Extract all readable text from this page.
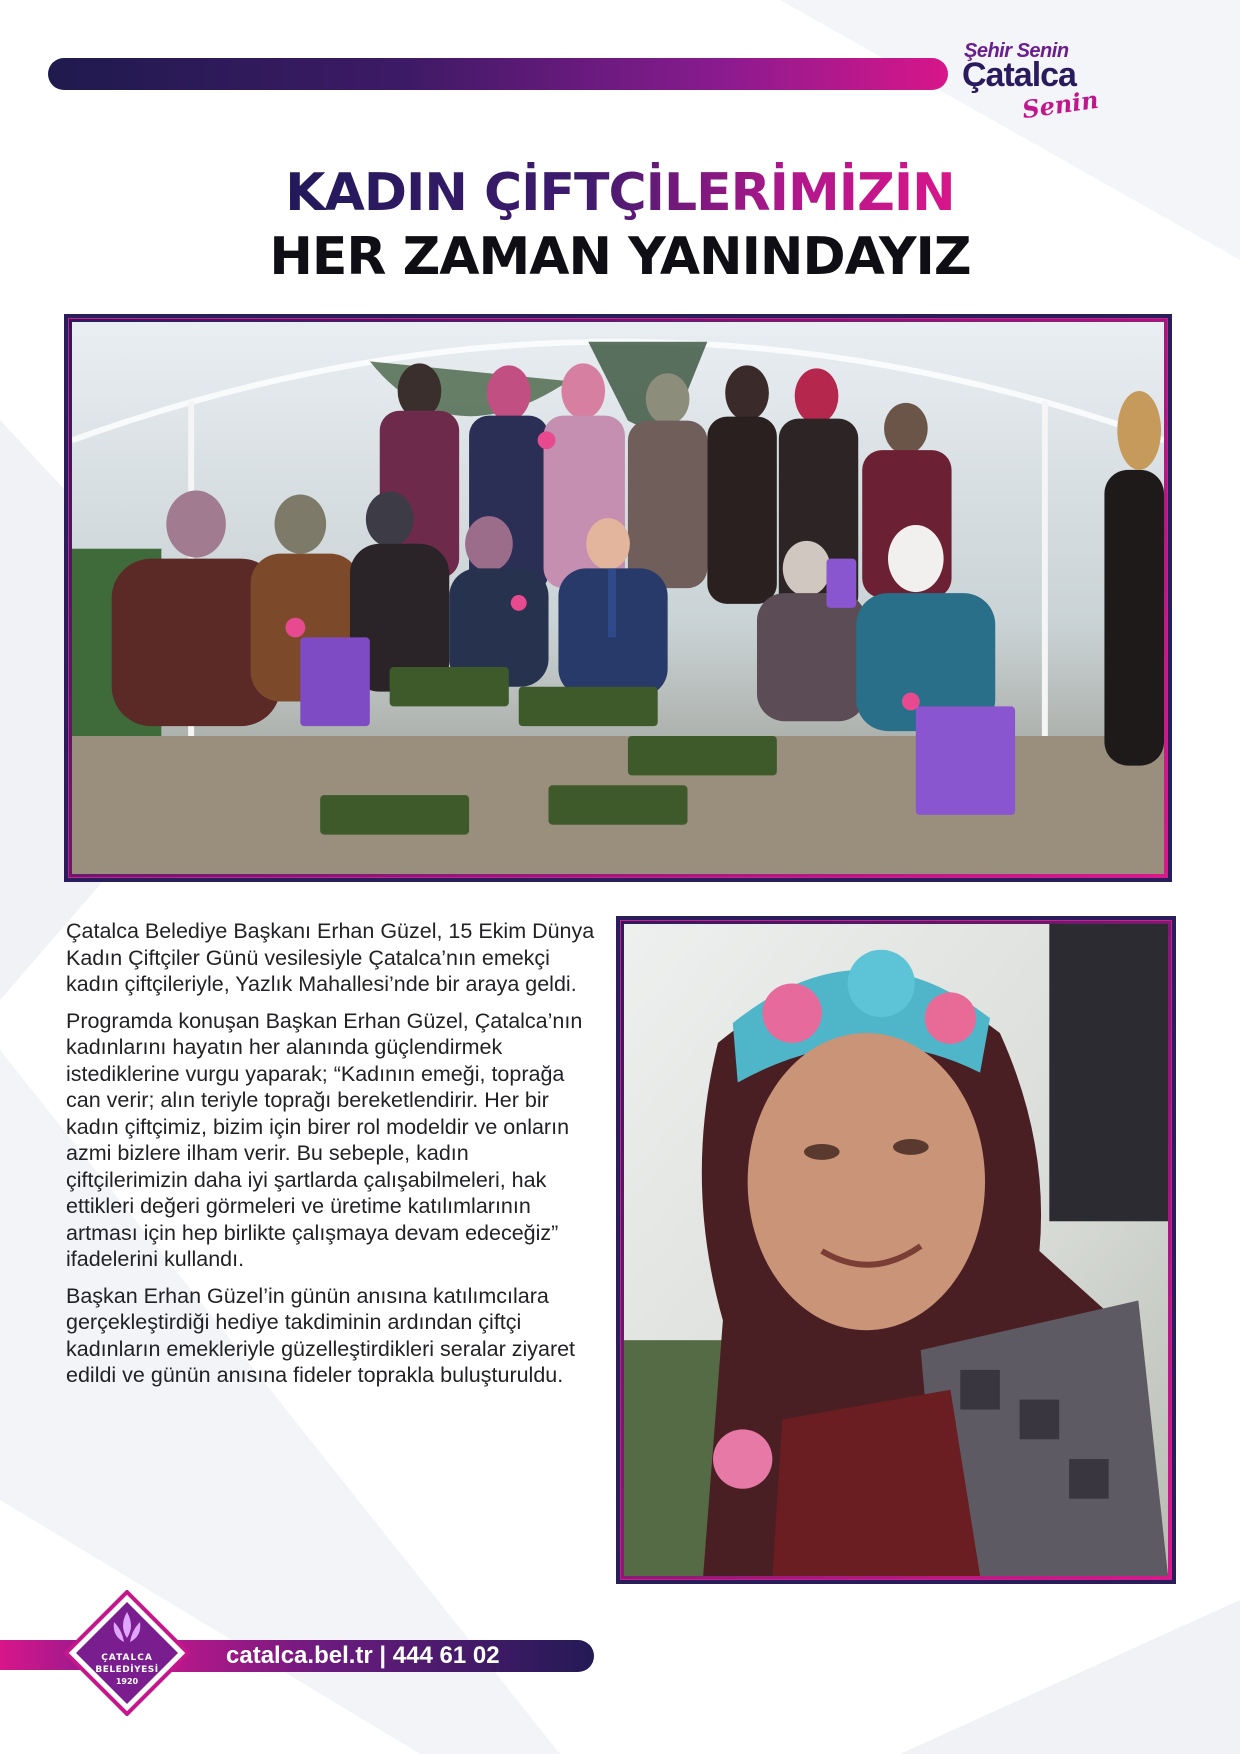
Şehir Senin
Çatalca
Senin
KADIN ÇİFTÇİLERİMİZİN
HER ZAMAN YANINDAYIZ

Çatalca Belediye Başkanı Erhan Güzel, 15 Ekim Dünya Kadın Çiftçiler Günü vesilesiyle Çatalca’nın emekçi kadın çiftçileriyle, Yazlık Mahallesi’nde bir araya geldi.

Programda konuşan Başkan Erhan Güzel, Çatalca’nın kadınlarını hayatın her alanında güçlendirmek istediklerine vurgu yaparak; “Kadının emeği, toprağa can verir; alın teriyle toprağı bereketlendirir. Her bir kadın çiftçimiz, bizim için birer rol modeldir ve onların azmi bizlere ilham verir. Bu sebeple, kadın çiftçilerimizin daha iyi şartlarda çalışabilmeleri, hak ettikleri değeri görmeleri ve üretime katılımlarının artması için hep birlikte çalışmaya devam edeceğiz” ifadelerini kullandı.

Başkan Erhan Güzel’in günün anısına katılımcılara gerçekleştirdiği hediye takdiminin ardından çiftçi kadınların emekleriyle güzelleştirdikleri seralar ziyaret edildi ve günün anısına fideler toprakla buluşturuldu.

catalca.bel.tr | 444 61 02
ÇATALCA
BELEDİYESİ
1920
